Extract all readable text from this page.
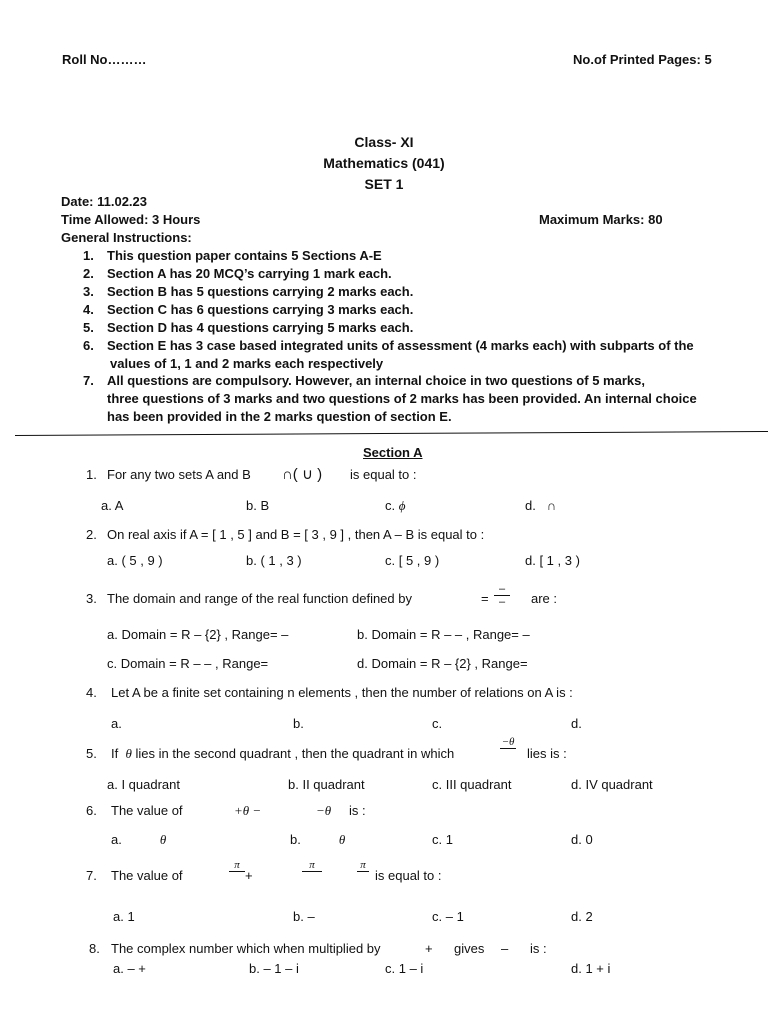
Roll No………	No.of Printed Pages: 5
Class- XI
Mathematics (041)
SET 1
Date: 11.02.23
Time Allowed: 3 Hours	Maximum Marks: 80
General Instructions:
1. This question paper contains 5 Sections A-E
2. Section A has 20 MCQ’s carrying 1 mark each.
3. Section B has 5 questions carrying 2 marks each.
4. Section C has 6 questions carrying 3 marks each.
5. Section D has 4 questions carrying 5 marks each.
6. Section E has 3 case based integrated units of assessment (4 marks each) with subparts of the
values of 1, 1 and 2 marks each respectively
7. All questions are compulsory. However, an internal choice in two questions of 5 marks,
three questions of 3 marks and two questions of 2 marks has been provided. An internal choice
has been provided in the 2 marks question of section E.
Section A
1. For any two sets A and B ∩( ∪ ) is equal to :
a. A	b. B	c. ϕ	d. ∩
2. On real axis if A = [ 1 , 5 ] and B = [ 3 , 9 ] , then A – B is equal to :
a. ( 5 , 9 )	b. ( 1 , 3 )	c. [ 5 , 9 )	d. [ 1 , 3 )
3. The domain and range of the real function defined by	= $\frac{-}{-}$ are :
a. Domain = R – {2} , Range= –	b. Domain = R – – , Range= –
c. Domain = R – – , Range=	d. Domain = R – {2} , Range=
4. Let A be a finite set containing n elements , then the number of relations on A is :
a.	b.	c.	d.
5. If θ lies in the second quadrant , then the quadrant in which
−θ

lies is :
a. I quadrant	b. II quadrant	c. III quadrant	d. IV quadrant
6. The value of	+θ −	−θ is :
a.	θ	b.	θ	c. 1	d. 0
7. The value of
π

+
π
	π

is equal to :
a. 1	b. –	c. – 1	d. 2
8. The complex number which when multiplied by	+ gives – is :
a. – +	b. – 1 – i	c. 1 – i	d. 1 + i
